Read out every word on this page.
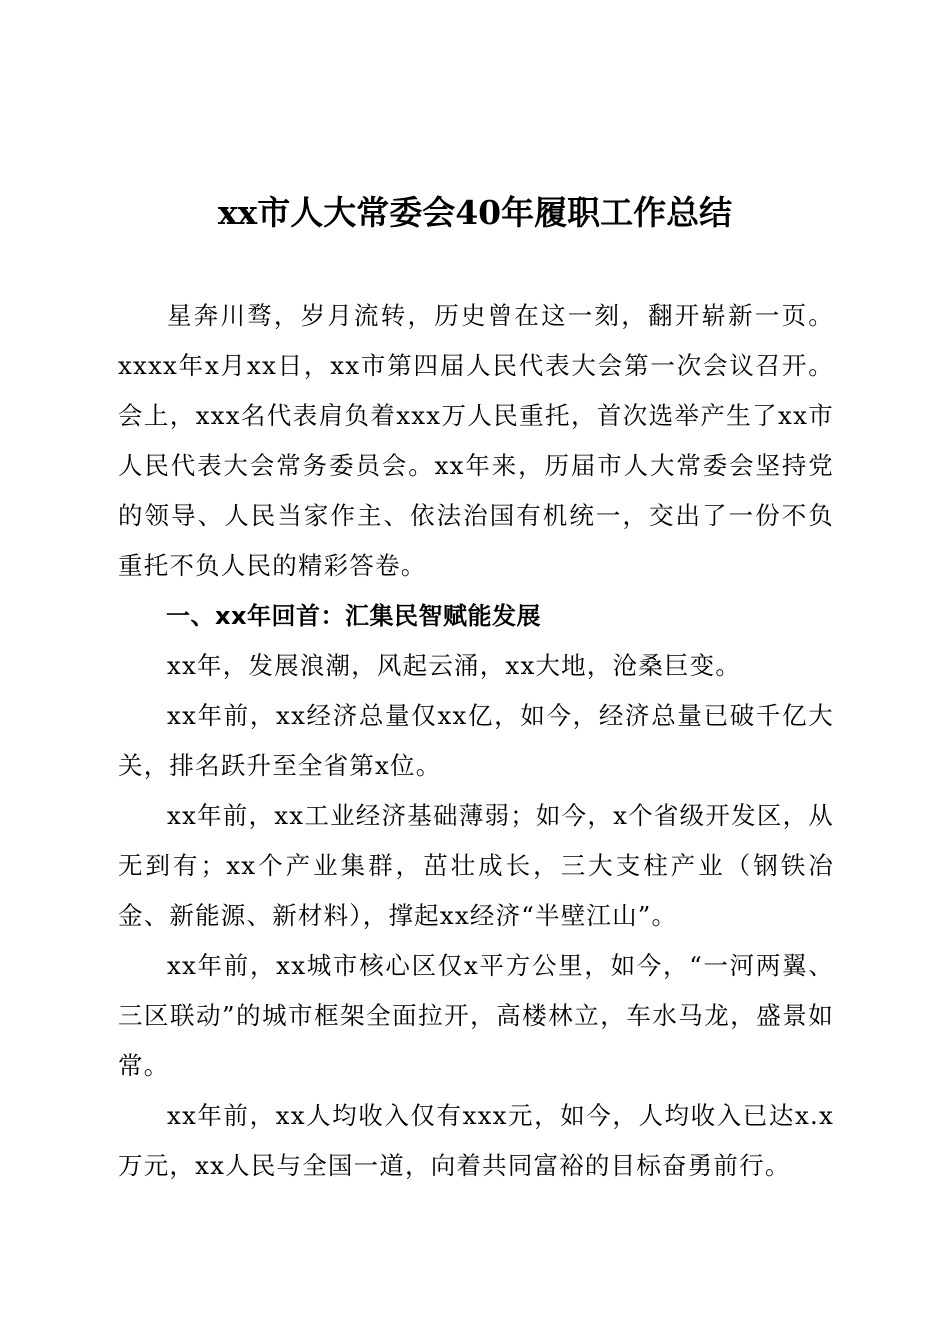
xx市人大常委会40年履职工作总结

星奔川骛，岁月流转，历史曾在这一刻，翻开崭新一页。xxxx年x月xx日，xx市第四届人民代表大会第一次会议召开。会上，xxx名代表肩负着xxx万人民重托，首次选举产生了xx市人民代表大会常务委员会。xx年来，历届市人大常委会坚持党的领导、人民当家作主、依法治国有机统一，交出了一份不负重托不负人民的精彩答卷。

一、xx年回首：汇集民智赋能发展

xx年，发展浪潮，风起云涌，xx大地，沧桑巨变。

xx年前，xx经济总量仅xx亿，如今，经济总量已破千亿大关，排名跃升至全省第x位。

xx年前，xx工业经济基础薄弱；如今，x个省级开发区，从无到有；xx个产业集群，茁壮成长，三大支柱产业（钢铁冶金、新能源、新材料），撑起xx经济“半壁江山”。

xx年前，xx城市核心区仅x平方公里，如今，“一河两翼、三区联动”的城市框架全面拉开，高楼林立，车水马龙，盛景如常。

xx年前，xx人均收入仅有xxx元，如今，人均收入已达x.x万元，xx人民与全国一道，向着共同富裕的目标奋勇前行。
